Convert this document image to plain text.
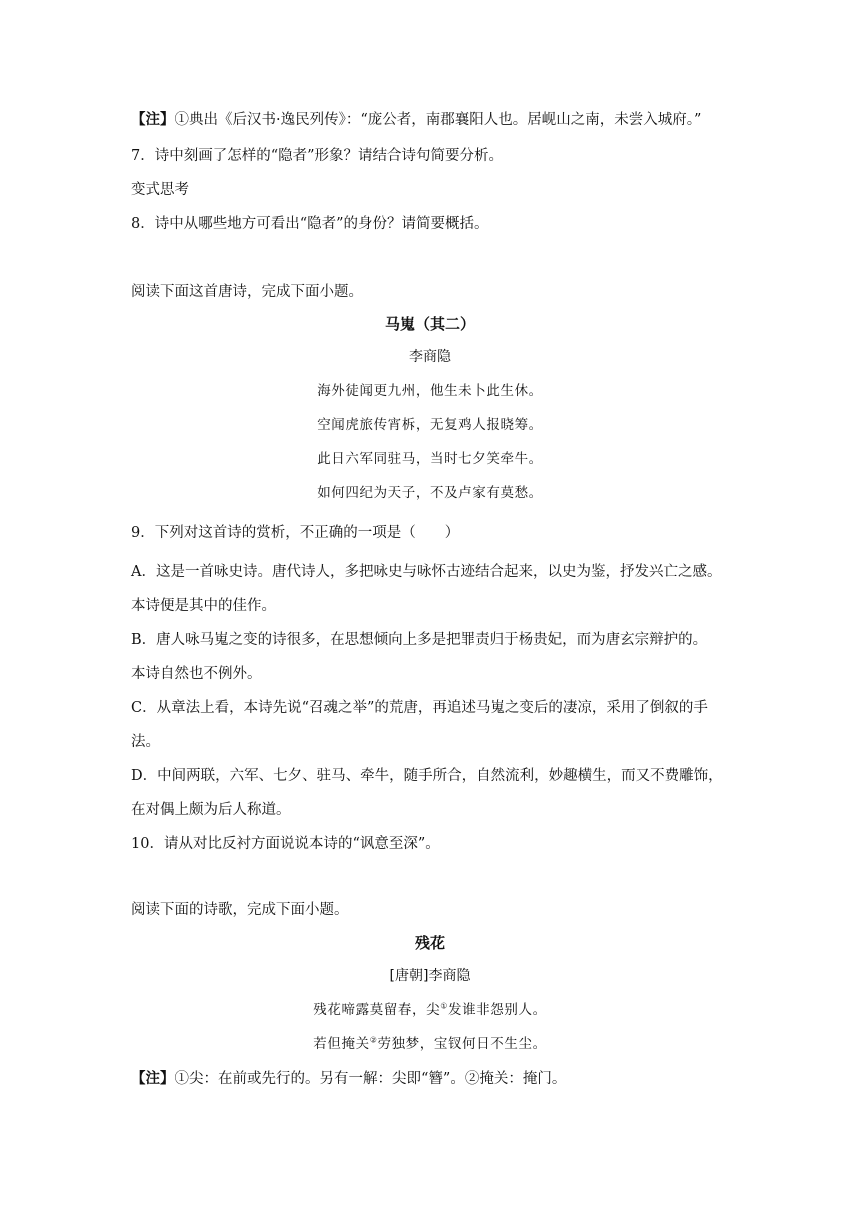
【注】①典出《后汉书·逸民列传》：“庞公者，南郡襄阳人也。居岘山之南，未尝入城府。”
7．诗中刻画了怎样的“隐者”形象？请结合诗句简要分析。
变式思考
8．诗中从哪些地方可看出“隐者”的身份？请简要概括。
阅读下面这首唐诗，完成下面小题。
马嵬（其二）
李商隐
海外徒闻更九州，他生未卜此生休。
空闻虎旅传宵柝，无复鸡人报晓筹。
此日六军同驻马，当时七夕笑牵牛。
如何四纪为天子，不及卢家有莫愁。
9．下列对这首诗的赏析，不正确的一项是（　　）
A．这是一首咏史诗。唐代诗人，多把咏史与咏怀古迹结合起来，以史为鉴，抒发兴亡之感。
本诗便是其中的佳作。
B．唐人咏马嵬之变的诗很多，在思想倾向上多是把罪责归于杨贵妃，而为唐玄宗辩护的。
本诗自然也不例外。
C．从章法上看，本诗先说“召魂之举”的荒唐，再追述马嵬之变后的凄凉，采用了倒叙的手
法。
D．中间两联，六军、七夕、驻马、牵牛，随手所合，自然流利，妙趣横生，而又不费雕饰，
在对偶上颇为后人称道。
10．请从对比反衬方面说说本诗的“讽意至深”。
阅读下面的诗歌，完成下面小题。
残花
[唐朝]李商隐
残花啼露莫留春，尖①发谁非怨别人。
若但掩关②劳独梦，宝钗何日不生尘。
【注】①尖：在前或先行的。另有一解：尖即“簪”。②掩关：掩门。
